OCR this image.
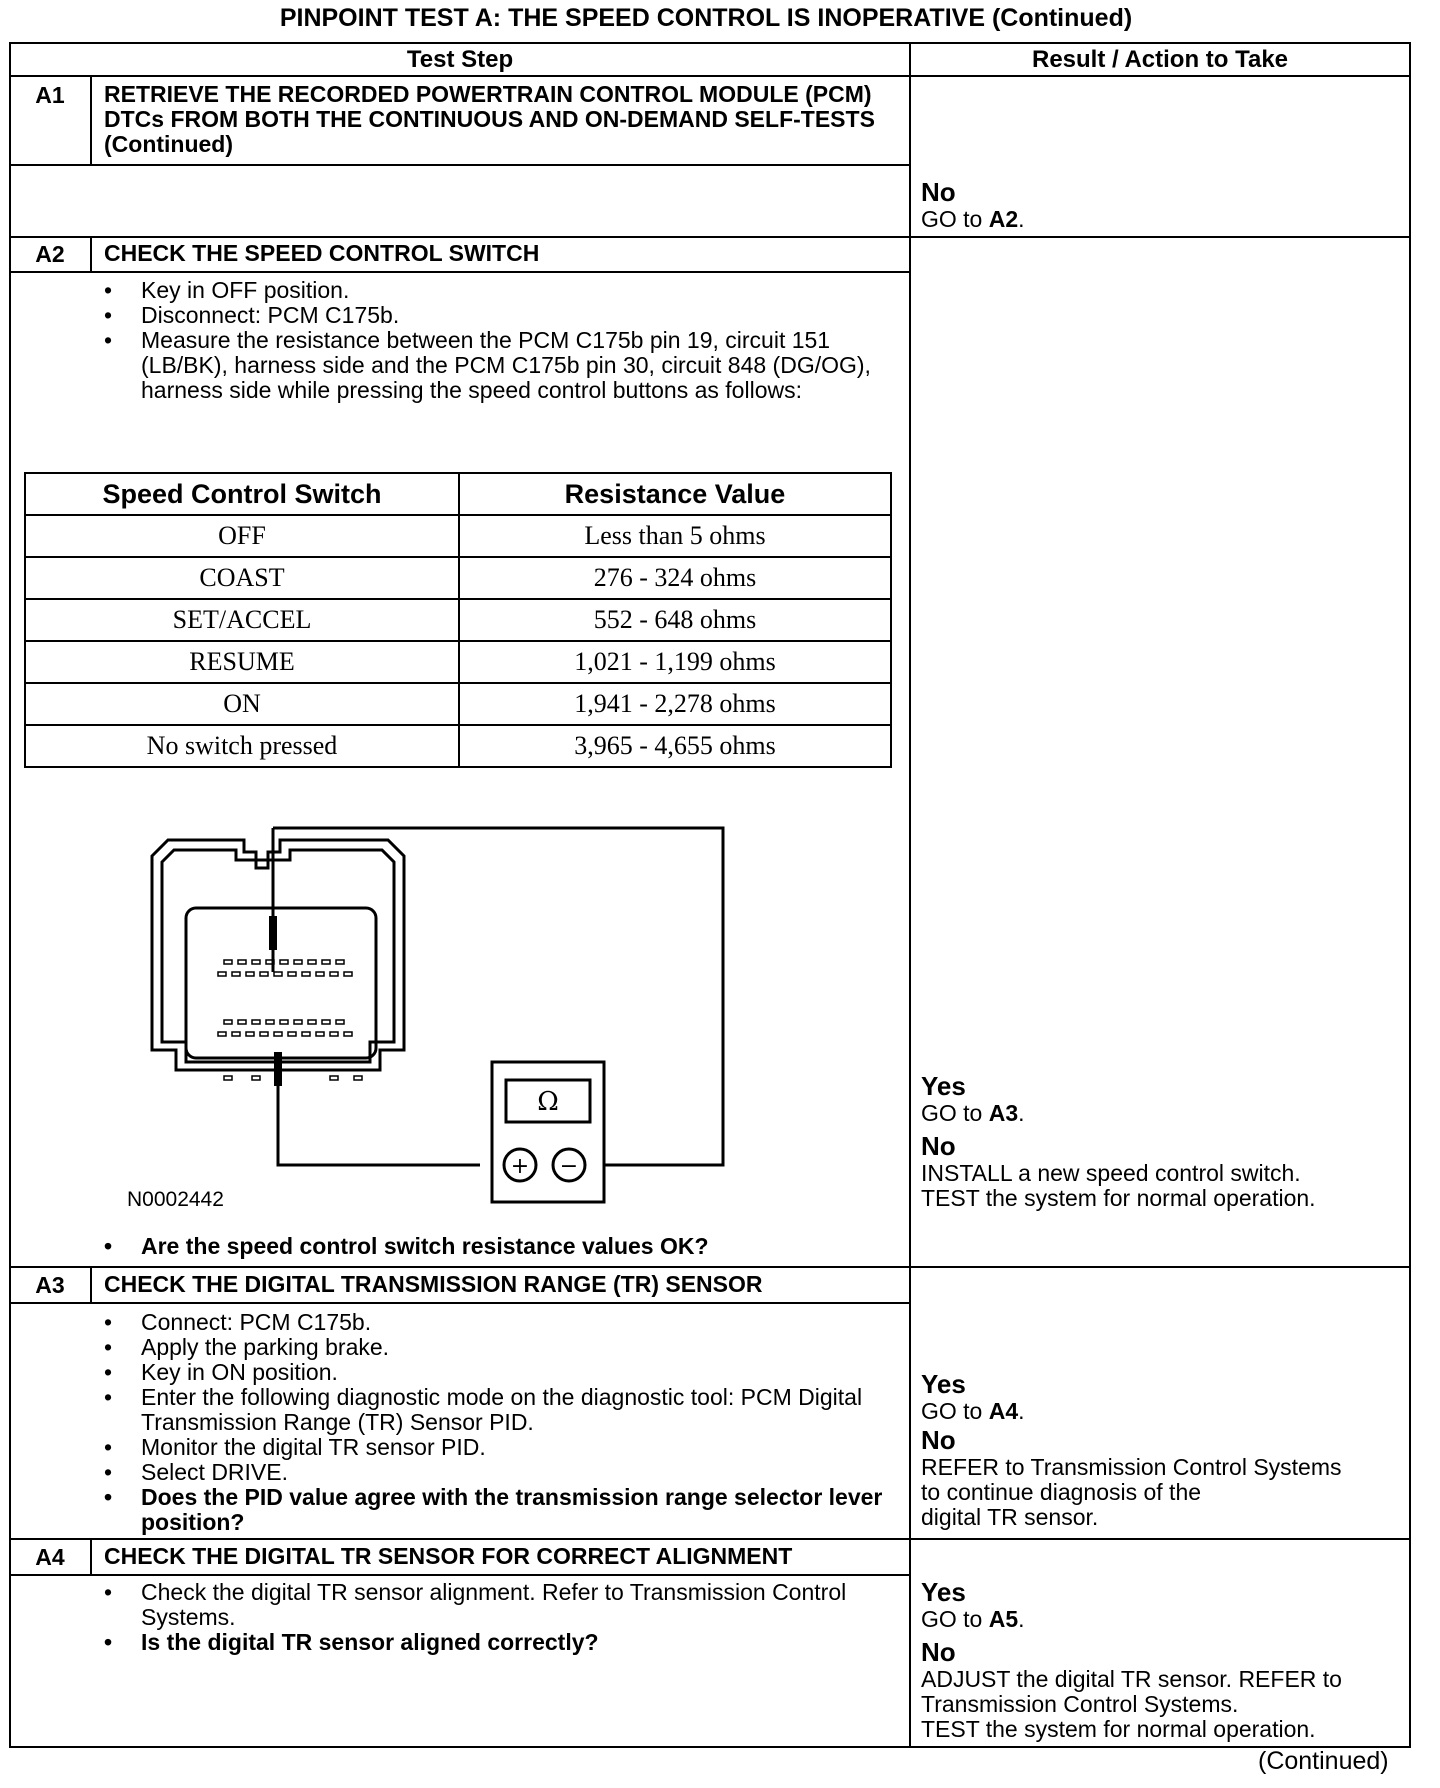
PINPOINT TEST A: THE SPEED CONTROL IS INOPERATIVE (Continued)
Test Step	Result / Action to Take
A1	RETRIEVE THE RECORDED POWERTRAIN CONTROL MODULE (PCM) DTCs FROM BOTH THE CONTINUOUS AND ON-DEMAND SELF-TESTS (Continued)
No
GO to A2.
A2	CHECK THE SPEED CONTROL SWITCH
• Key in OFF position.
• Disconnect: PCM C175b.
• Measure the resistance between the PCM C175b pin 19, circuit 151 (LB/BK), harness side and the PCM C175b pin 30, circuit 848 (DG/OG), harness side while pressing the speed control buttons as follows:
Speed Control Switch	Resistance Value
OFF	Less than 5 ohms
COAST	276 - 324 ohms
SET/ACCEL	552 - 648 ohms
RESUME	1,021 - 1,199 ohms
ON	1,941 - 2,278 ohms
No switch pressed	3,965 - 4,655 ohms
Ω
+ −
N0002442
• Are the speed control switch resistance values OK?
Yes
GO to A3.
No
INSTALL a new speed control switch.
TEST the system for normal operation.
A3	CHECK THE DIGITAL TRANSMISSION RANGE (TR) SENSOR
• Connect: PCM C175b.
• Apply the parking brake.
• Key in ON position.
• Enter the following diagnostic mode on the diagnostic tool: PCM Digital Transmission Range (TR) Sensor PID.
• Monitor the digital TR sensor PID.
• Select DRIVE.
• Does the PID value agree with the transmission range selector lever position?
Yes
GO to A4.
No
REFER to Transmission Control Systems
to continue diagnosis of the
digital TR sensor.
A4	CHECK THE DIGITAL TR SENSOR FOR CORRECT ALIGNMENT
• Check the digital TR sensor alignment. Refer to Transmission Control Systems.
• Is the digital TR sensor aligned correctly?
Yes
GO to A5.
No
ADJUST the digital TR sensor. REFER to
Transmission Control Systems.
TEST the system for normal operation.
(Continued)
